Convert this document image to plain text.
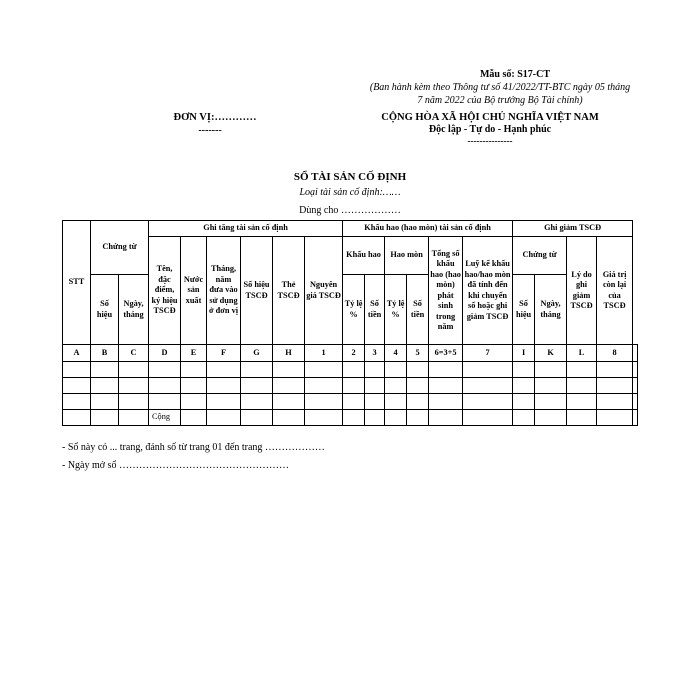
Mẫu số: S17-CT
(Ban hành kèm theo Thông tư số 41/2022/TT-BTC ngày 05 tháng
7 năm 2022 của Bộ trưởng Bộ Tài chính)
ĐƠN VỊ:…………
-------
CỘNG HÒA XÃ HỘI CHỦ NGHĨA VIỆT NAM
Độc lập - Tự do - Hạnh phúc
---------------
SỔ TÀI SẢN CỐ ĐỊNH
Loại tài sản cố định:……
Dùng cho ………………
STT	Chứng từ		Ghi tăng tài sản cố định						Khấu hao (hao mòn) tài sản cố định						Ghi giảm TSCĐ				
			Tên, đặc điểm, ký hiệu TSCĐ	Nước sản xuất	Tháng, năm đưa vào sử dụng ở đơn vị	Số hiệu TSCĐ	Thẻ TSCĐ	Nguyên giá TSCĐ	Khấu hao		Hao mòn		Tổng số khấu hao (hao mòn) phát sinh trong năm	Luỹ kế khấu hao/hao mòn đã tính đến khi chuyển sổ hoặc ghi giảm TSCĐ	Chứng từ		Lý do ghi giảm TSCĐ	Giá trị còn lại của TSCĐ	

	Số hiệu	Ngày, tháng							Tỷ lệ %	Số tiền	Tỷ lệ %	Số tiền			Số hiệu	Ngày, tháng			
A	B	C	D	E	F	G	H	1	2	3	4	5	6=3+5	7	I	K	L	8	

			Cộng																
- Sổ này có ... trang, đánh số từ trang 01 đến trang ………………
- Ngày mở sổ ……………………………………………
